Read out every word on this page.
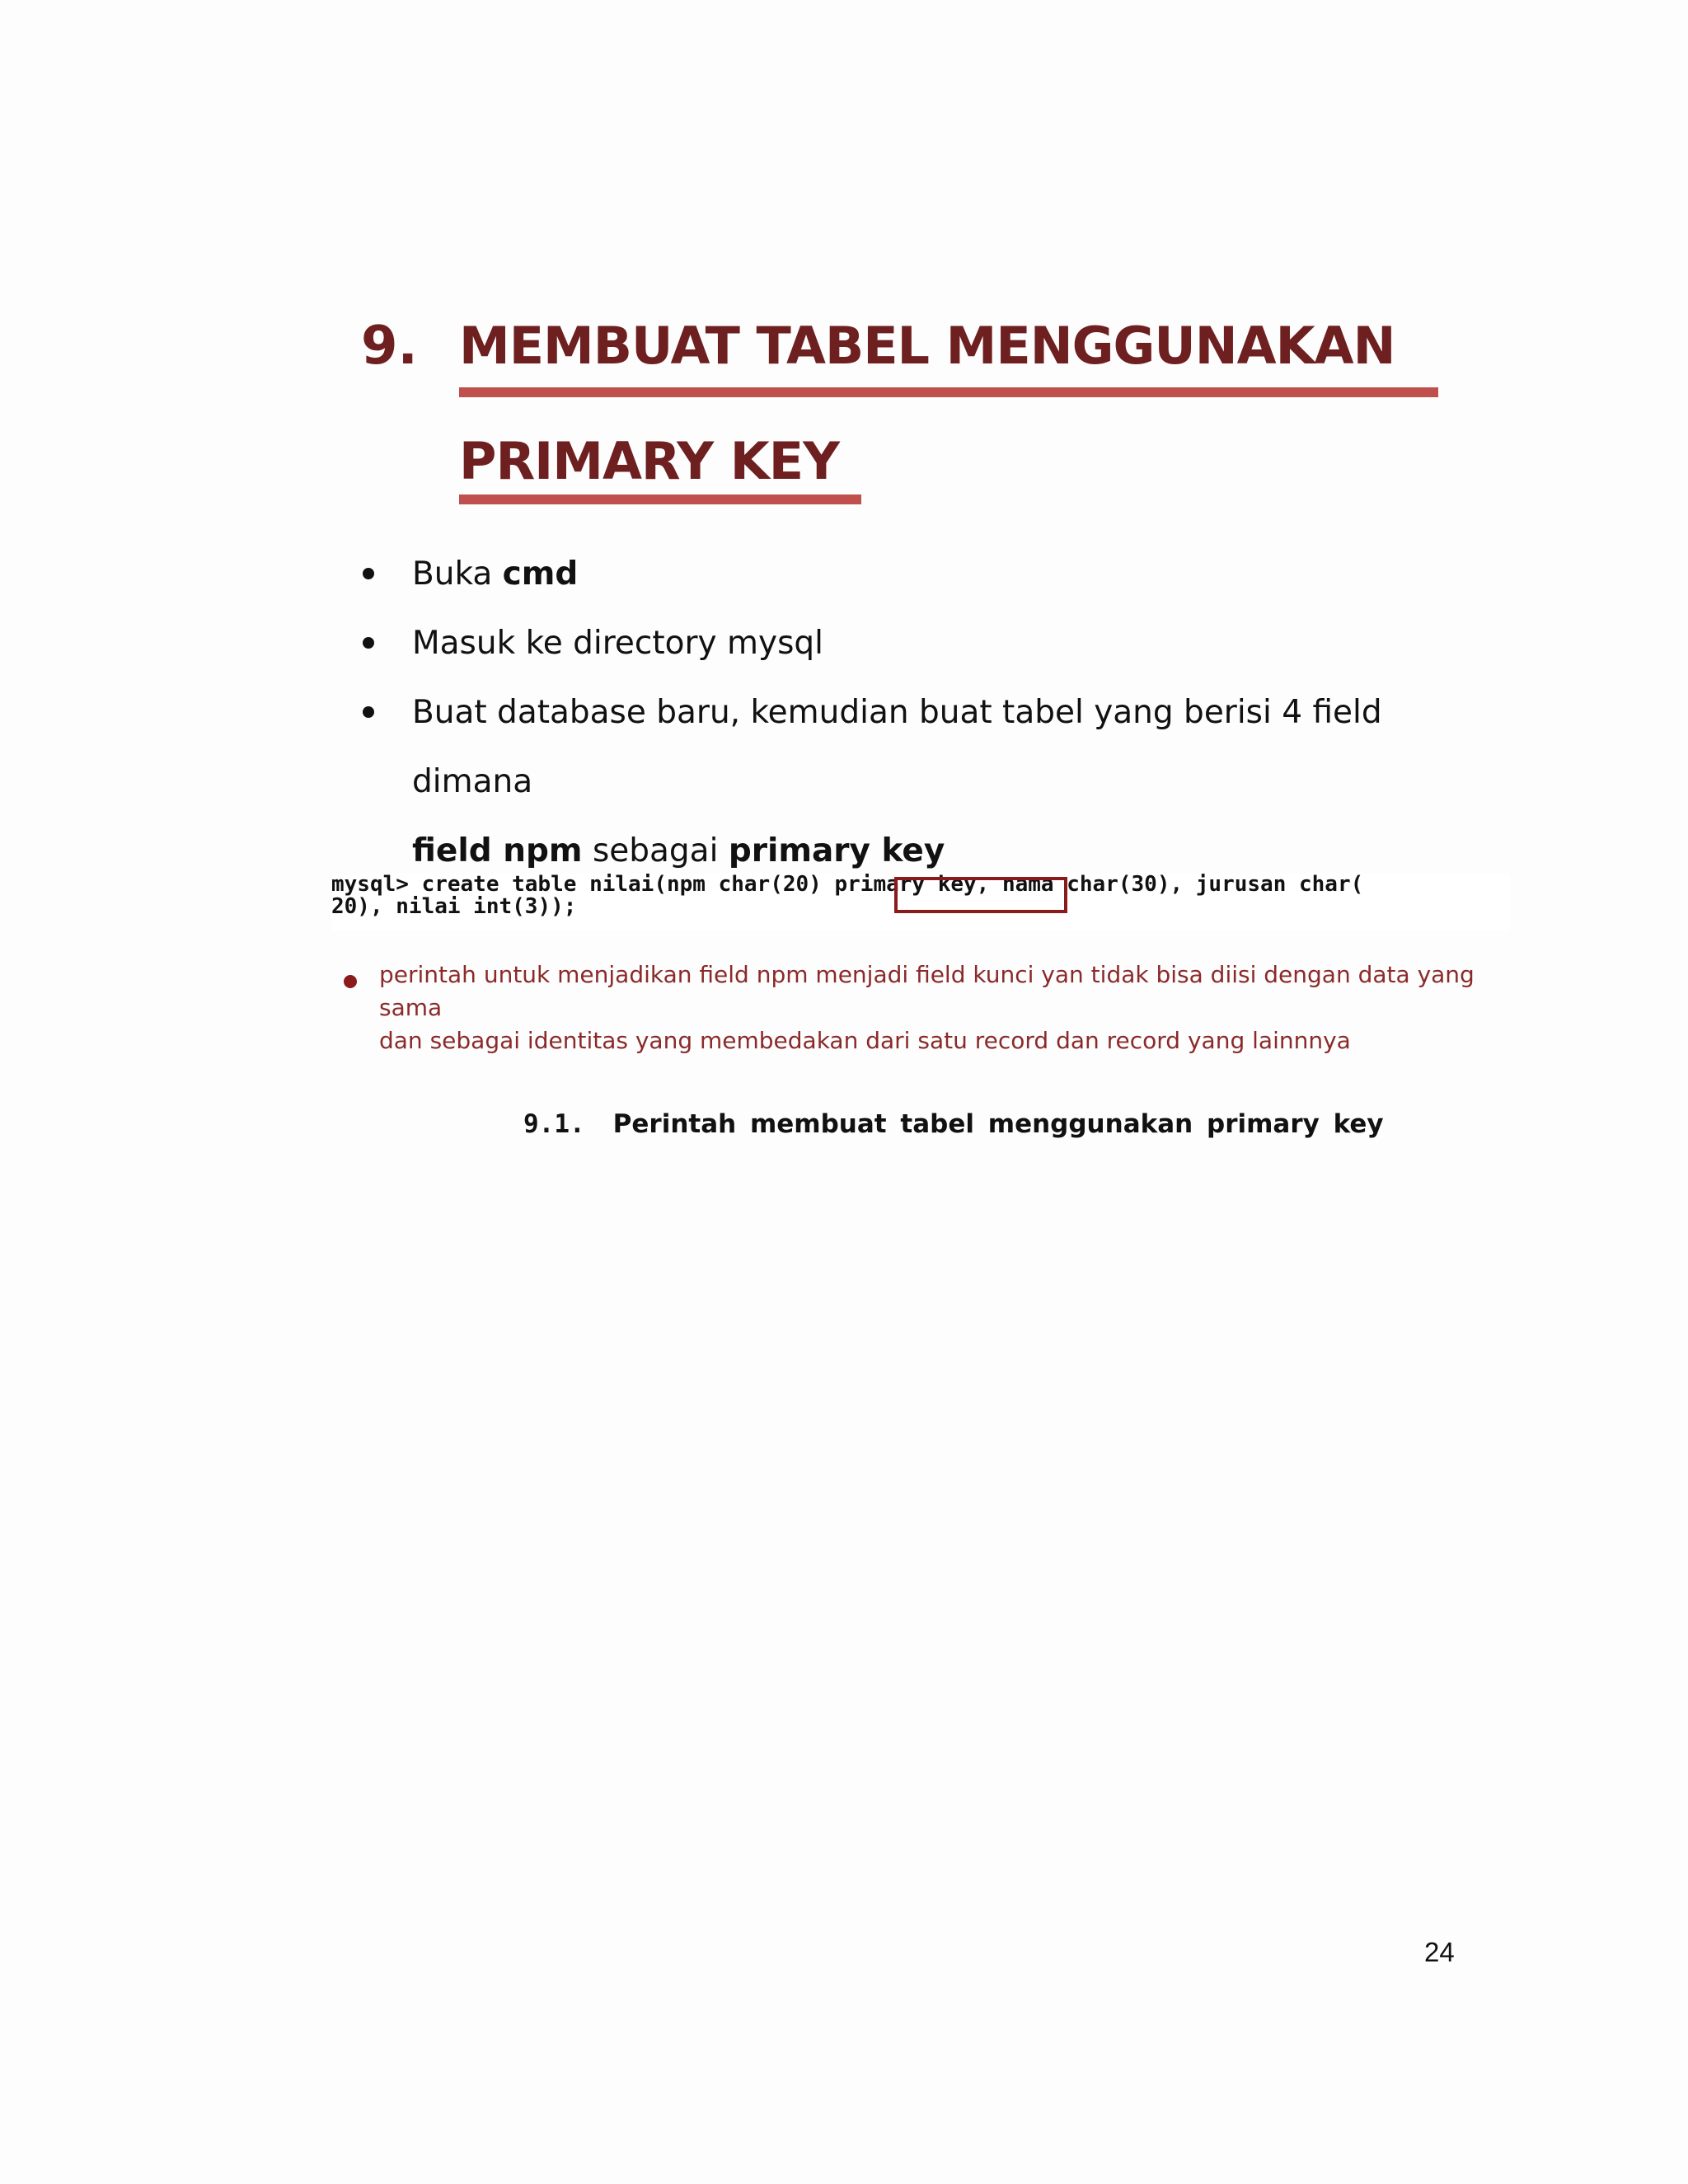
9. MEMBUAT TABEL MENGGUNAKAN
PRIMARY KEY
Buka cmd
Masuk ke directory mysql
Buat database baru, kemudian buat tabel yang berisi 4 field dimana
field npm sebagai primary key
mysql> create table nilai(npm char(20) primary key, nama char(30), jurusan char(
20), nilai int(3));
perintah untuk menjadikan field npm menjadi field kunci yan tidak bisa diisi dengan data yang sama
dan sebagai identitas yang membedakan dari satu record dan record yang lainnnya
9.1. Perintah membuat tabel menggunakan primary key
24
